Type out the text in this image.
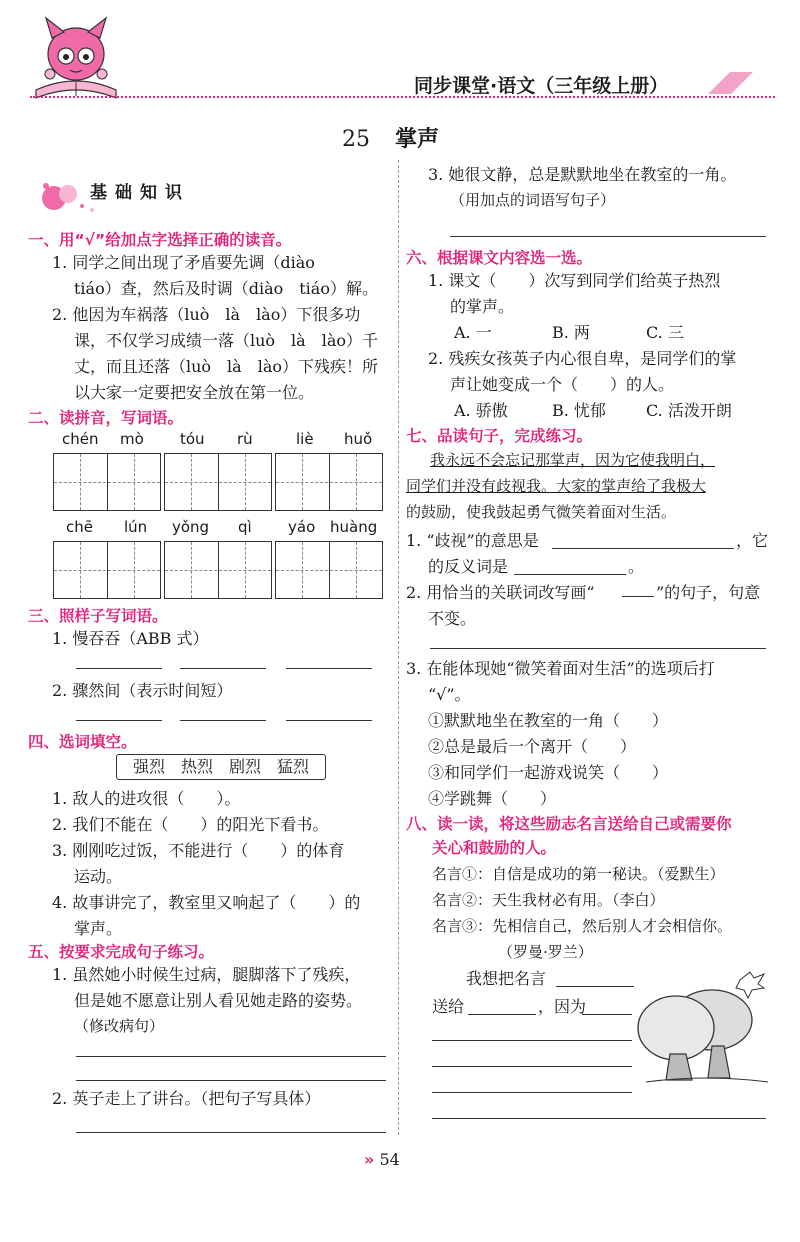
同步课堂·语文（三年级上册）
25 掌声
基础知识
一、用“√”给加点字选择正确的读音。
1. 同学之间出现了矛盾要先调（diào
tiáo）查，然后及时调（diào　tiáo）解。
2. 他因为车祸落（luò　là　lào）下很多功
课，不仅学习成绩一落（luò　là　lào）千
丈，而且还落（luò　là　lào）下残疾！所
以大家一定要把安全放在第一位。
二、读拼音，写词语。
chén mò tóu rù	liè huǒ
chē lún yǒng qì yáo huàng
三、照样子写词语。
1. 慢吞吞（ABB 式）
2. 骤然间（表示时间短）
四、选词填空。
强烈　热烈　剧烈　猛烈
1. 敌人的进攻很（　　）。
2. 我们不能在（　　）的阳光下看书。
3. 刚刚吃过饭，不能进行（　　）的体育
运动。
4. 故事讲完了，教室里又响起了（　　）的
掌声。
五、按要求完成句子练习。
1. 虽然她小时候生过病，腿脚落下了残疾，
但是她不愿意让别人看见她走路的姿势。
（修改病句）
2. 英子走上了讲台。（把句子写具体）
3. 她很文静，总是默默地坐在教室的一角。
（用加点的词语写句子）
六、根据课文内容选一选。
1. 课文（　　）次写到同学们给英子热烈
的掌声。
A. 一	B. 两	C. 三
2. 残疾女孩英子内心很自卑，是同学们的掌
声让她变成一个（　　）的人。
A. 骄傲	B. 忧郁	C. 活泼开朗
七、品读句子，完成练习。
我永远不会忘记那掌声，因为它使我明白，
同学们并没有歧视我。大家的掌声给了我极大
的鼓励，使我鼓起勇气微笑着面对生活。
1. “歧视”的意思是	，它
的反义词是	。
2. 用恰当的关联词改写画“	”的句子，句意
不变。
3. 在能体现她“微笑着面对生活”的选项后打
“√”。
①默默地坐在教室的一角（　　）
②总是最后一个离开（　　）
③和同学们一起游戏说笑（　　）
④学跳舞（　　）
八、读一读，将这些励志名言送给自己或需要你
关心和鼓励的人。
名言①：自信是成功的第一秘诀。（爱默生）
名言②：天生我材必有用。（李白）
名言③：先相信自己，然后别人才会相信你。
（罗曼·罗兰）
我想把名言
送给	，因为
» 54
